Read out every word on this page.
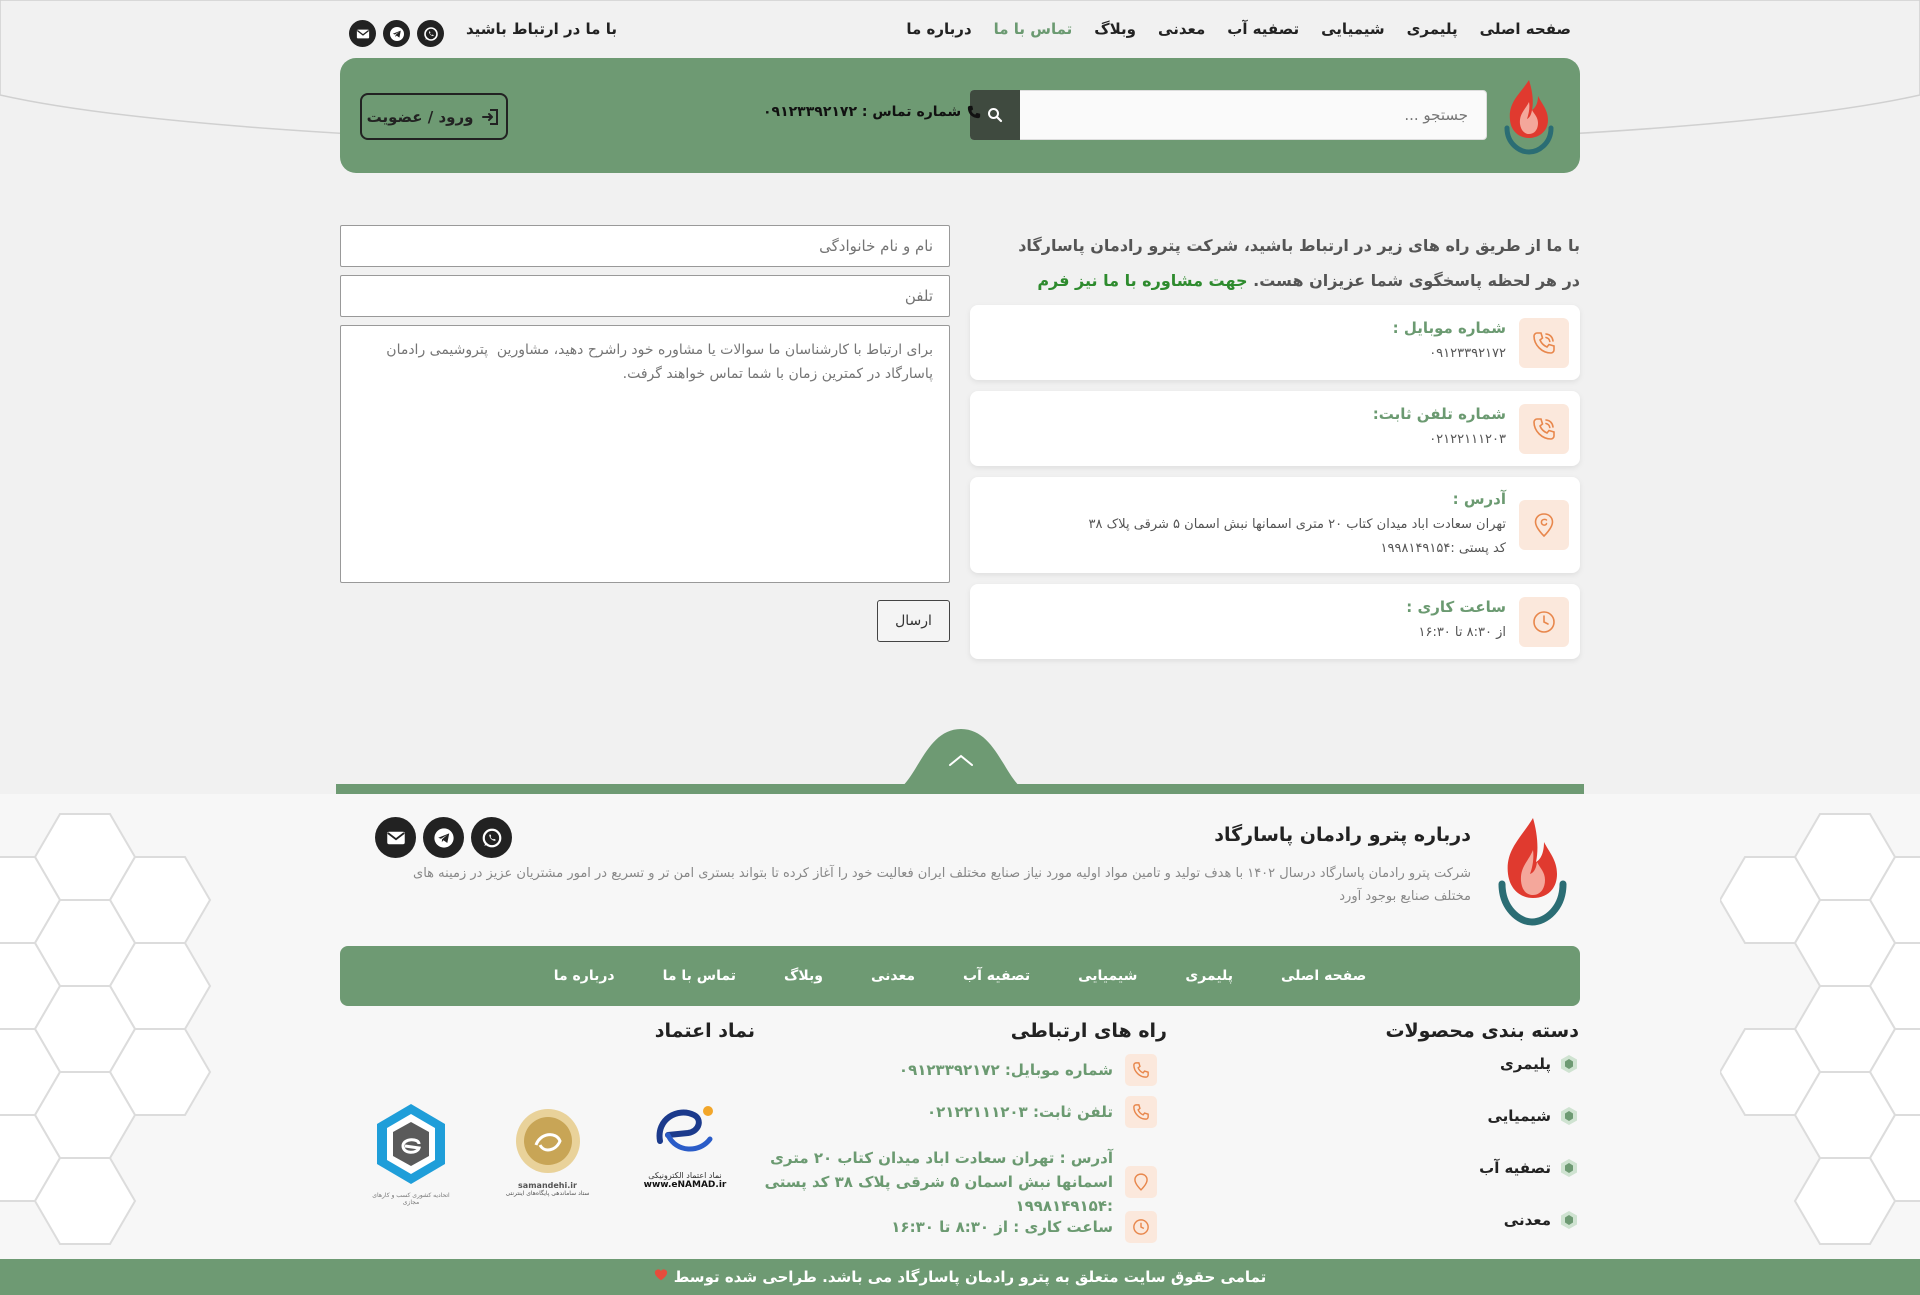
صفحه اصلی
پلیمری
شیمیایی
تصفیه آب
معدنی
وبلاگ
تماس با ما
درباره ما
با ما در ارتباط باشید
جستجو ...
شماره تماس : ۰۹۱۲۳۳۹۲۱۷۲
ورود / عضویت

با ما از طریق راه های زیر در ارتباط باشید، شرکت پترو رادمان پاسارگاد در هر لحظه پاسخگوی شما عزیزان هست. جهت مشاوره با ما نیز فرم

شماره موبایل :
۰۹۱۲۳۳۹۲۱۷۲
شماره تلفن ثابت:
۰۲۱۲۲۱۱۱۲۰۳
آدرس :
تهران سعادت اباد میدان کتاب ۲۰ متری اسمانها نبش اسمان ۵ شرقی پلاک ۳۸
کد پستی :۱۹۹۸۱۴۹۱۵۴
ساعت کاری :
از ۸:۳۰ تا ۱۶:۳۰
نام و نام خانوادگی
تلفن
برای ارتباط با کارشناسان ما سوالات یا مشاوره خود راشرح دهید، مشاورین پتروشیمی رادمان پاسارگاد در کمترین زمان با شما تماس خواهند گرفت.
ارسال
درباره پترو رادمان پاسارگاد

شرکت پترو رادمان پاسارگاد درسال ۱۴۰۲ با هدف تولید و تامین مواد اولیه مورد نیاز صنایع مختلف ایران فعالیت خود را آغاز کرده تا بتواند بستری امن تر و تسریع در امور مشتریان عزیز در زمینه های مختلف صنایع بوجود آورد

صفحه اصلی
پلیمری
شیمیایی
تصفیه آب
معدنی
وبلاگ
تماس با ما
درباره ما
دسته بندی محصولات
پلیمری
شیمیایی
تصفیه آب
معدنی
راه های ارتباطی
شماره موبایل: ۰۹۱۲۳۳۹۲۱۷۲
تلفن ثابت: ۰۲۱۲۲۱۱۱۲۰۳
آدرس : تهران سعادت اباد میدان کتاب ۲۰ متری اسمانها نبش اسمان ۵ شرقی پلاک ۳۸ کد پستی :۱۹۹۸۱۴۹۱۵۴
ساعت کاری : از ۸:۳۰ تا ۱۶:۳۰
نماد اعتماد
نماد اعتماد الکترونیکی
www.eNAMAD.ir
samandehi.ir
ستاد ساماندهی پایگاه‌های اینترنتی
اتحادیه کشوری کسب و کارهای مجازی
تمامی حقوق سایت متعلق به پترو رادمان پاسارگاد می باشد. طراحی شده توسط
